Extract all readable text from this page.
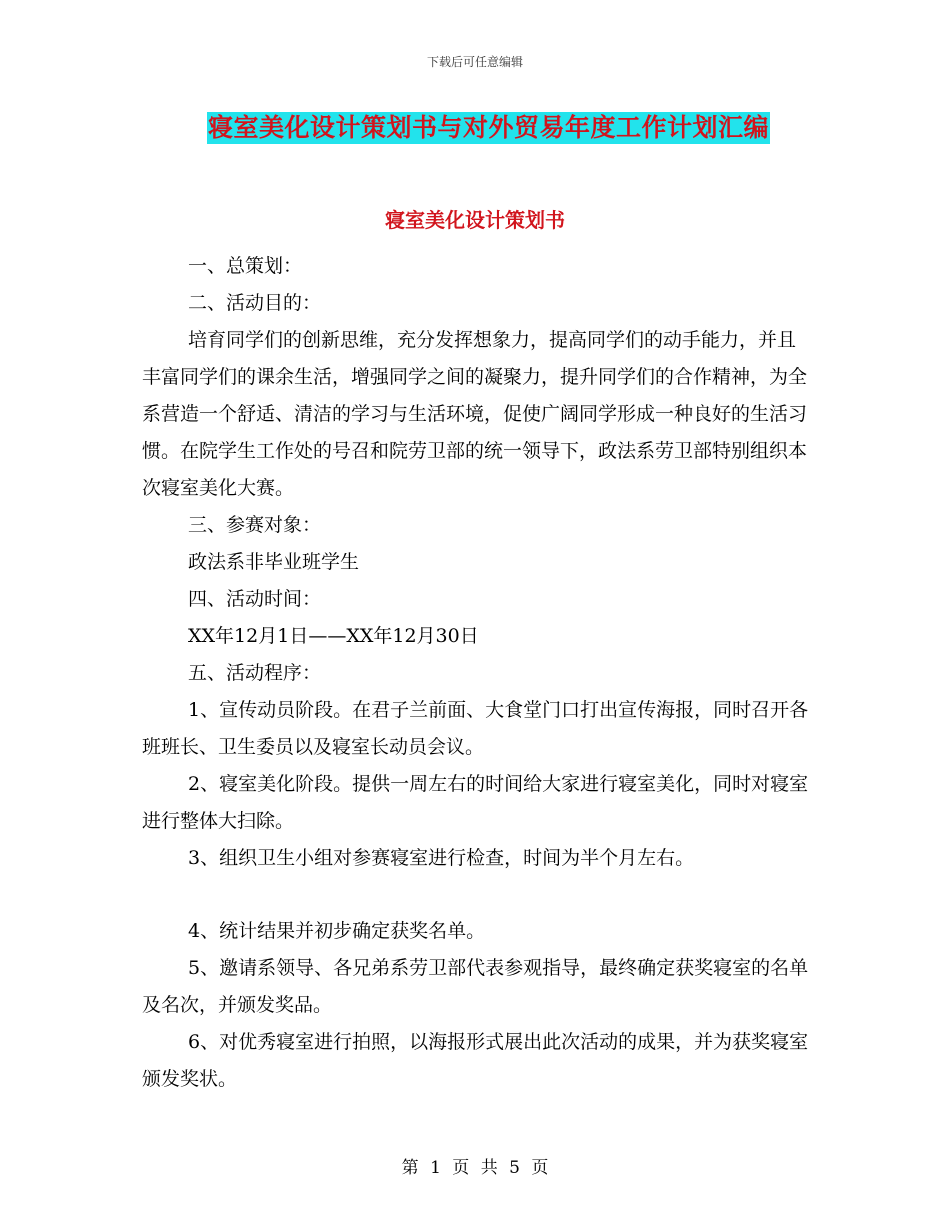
下载后可任意编辑
寝室美化设计策划书与对外贸易年度工作计划汇编
寝室美化设计策划书

一、总策划：

二、活动目的：

培育同学们的创新思维，充分发挥想象力，提高同学们的动手能力，并且丰富同学们的课余生活，增强同学之间的凝聚力，提升同学们的合作精神，为全系营造一个舒适、清洁的学习与生活环境，促使广阔同学形成一种良好的生活习惯。在院学生工作处的号召和院劳卫部的统一领导下，政法系劳卫部特别组织本次寝室美化大赛。

三、参赛对象：

政法系非毕业班学生

四、活动时间：

XX年12月1日——XX年12月30日

五、活动程序：

1、宣传动员阶段。在君子兰前面、大食堂门口打出宣传海报，同时召开各班班长、卫生委员以及寝室长动员会议。

2、寝室美化阶段。提供一周左右的时间给大家进行寝室美化，同时对寝室进行整体大扫除。

3、组织卫生小组对参赛寝室进行检查，时间为半个月左右。

4、统计结果并初步确定获奖名单。

5、邀请系领导、各兄弟系劳卫部代表参观指导，最终确定获奖寝室的名单及名次，并颁发奖品。

6、对优秀寝室进行拍照，以海报形式展出此次活动的成果，并为获奖寝室颁发奖状。

第 1 页 共 5 页
